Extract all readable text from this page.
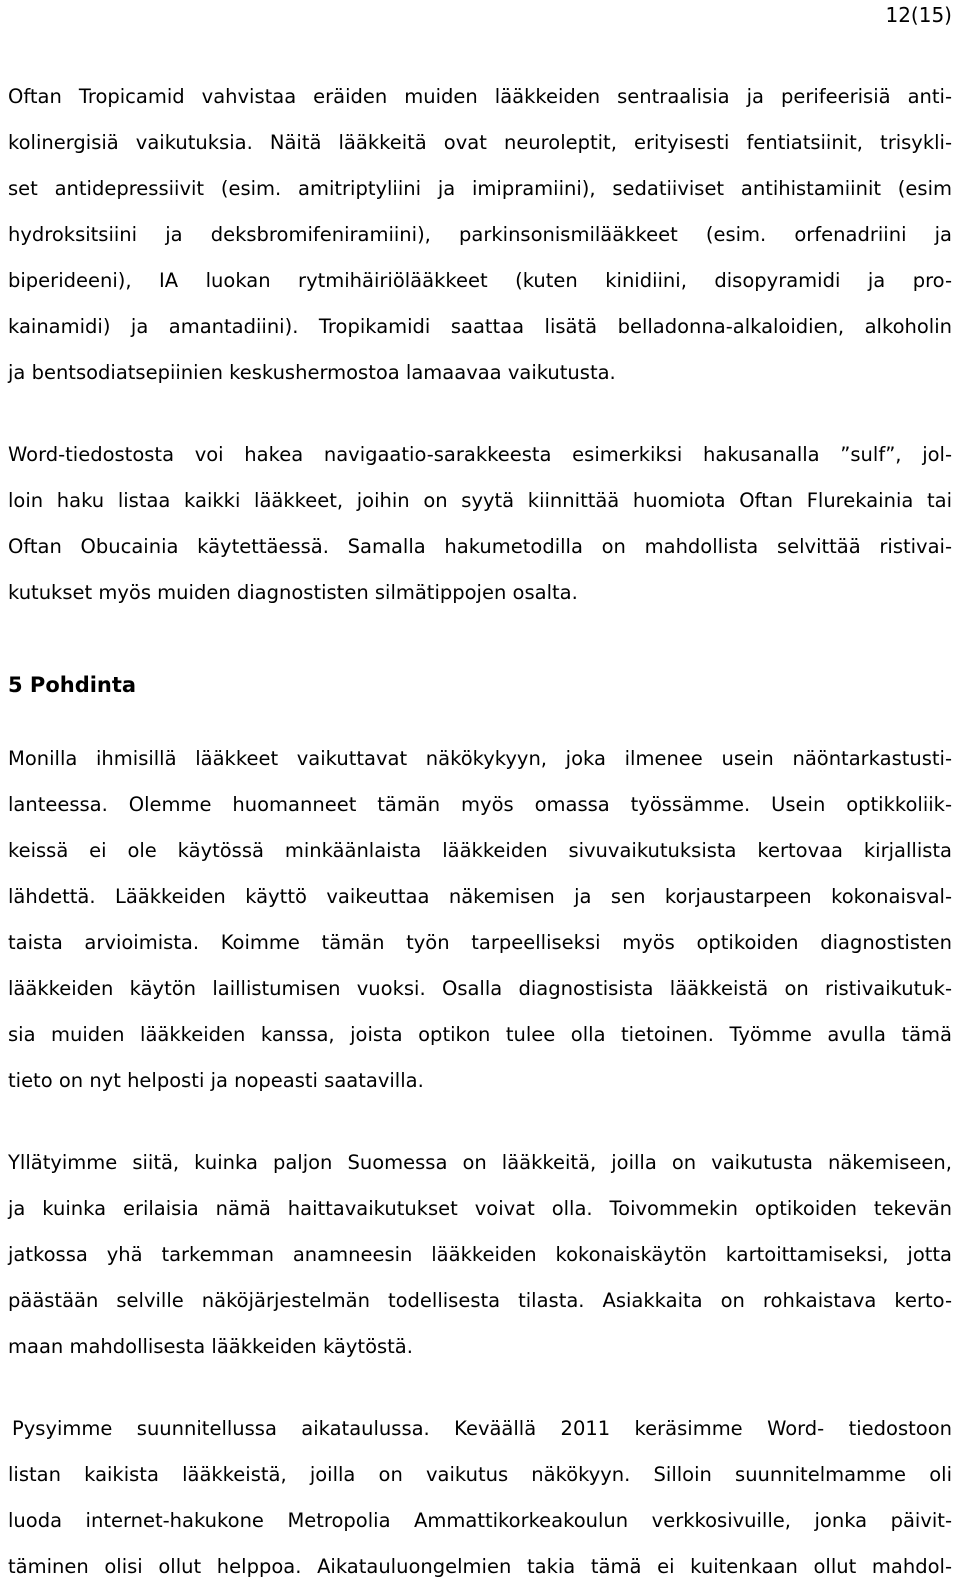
12(15)
Oftan Tropicamid vahvistaa eräiden muiden lääkkeiden sentraalisia ja perifeerisiä anti-
kolinergisiä vaikutuksia. Näitä lääkkeitä ovat neuroleptit, erityisesti fentiatsiinit, trisykli-
set antidepressiivit (esim. amitriptyliini ja imipramiini), sedatiiviset antihistamiinit (esim
hydroksitsiini ja deksbromifeniramiini), parkinsonismilääkkeet (esim. orfenadriini ja
biperideeni), IA luokan rytmihäiriölääkkeet (kuten kinidiini, disopyramidi ja pro-
kainamidi) ja amantadiini). Tropikamidi saattaa lisätä belladonna-alkaloidien, alkoholin
ja bentsodiatsepiinien keskushermostoa lamaavaa vaikutusta.
Word-tiedostosta voi hakea navigaatio-sarakkeesta esimerkiksi hakusanalla ”sulf”, jol-
loin haku listaa kaikki lääkkeet, joihin on syytä kiinnittää huomiota Oftan Flurekainia tai
Oftan Obucainia käytettäessä. Samalla hakumetodilla on mahdollista selvittää ristivai-
kutukset myös muiden diagnostisten silmätippojen osalta.
5 Pohdinta
Monilla ihmisillä lääkkeet vaikuttavat näkökykyyn, joka ilmenee usein näöntarkastusti-
lanteessa. Olemme huomanneet tämän myös omassa työssämme. Usein optikkoliik-
keissä ei ole käytössä minkäänlaista lääkkeiden sivuvaikutuksista kertovaa kirjallista
lähdettä. Lääkkeiden käyttö vaikeuttaa näkemisen ja sen korjaustarpeen kokonaisval-
taista arvioimista. Koimme tämän työn tarpeelliseksi myös optikoiden diagnostisten
lääkkeiden käytön laillistumisen vuoksi. Osalla diagnostisista lääkkeistä on ristivaikutuk-
sia muiden lääkkeiden kanssa, joista optikon tulee olla tietoinen. Työmme avulla tämä
tieto on nyt helposti ja nopeasti saatavilla.
Yllätyimme siitä, kuinka paljon Suomessa on lääkkeitä, joilla on vaikutusta näkemiseen,
ja kuinka erilaisia nämä haittavaikutukset voivat olla. Toivommekin optikoiden tekevän
jatkossa yhä tarkemman anamneesin lääkkeiden kokonaiskäytön kartoittamiseksi, jotta
päästään selville näköjärjestelmän todellisesta tilasta. Asiakkaita on rohkaistava kerto-
maan mahdollisesta lääkkeiden käytöstä.
Pysyimme suunnitellussa aikataulussa. Keväällä 2011 keräsimme Word- tiedostoon
listan kaikista lääkkeistä, joilla on vaikutus näkökyyn. Silloin suunnitelmamme oli
luoda internet-hakukone Metropolia Ammattikorkeakoulun verkkosivuille, jonka päivit-
täminen olisi ollut helppoa. Aikatauluongelmien takia tämä ei kuitenkaan ollut mahdol-
